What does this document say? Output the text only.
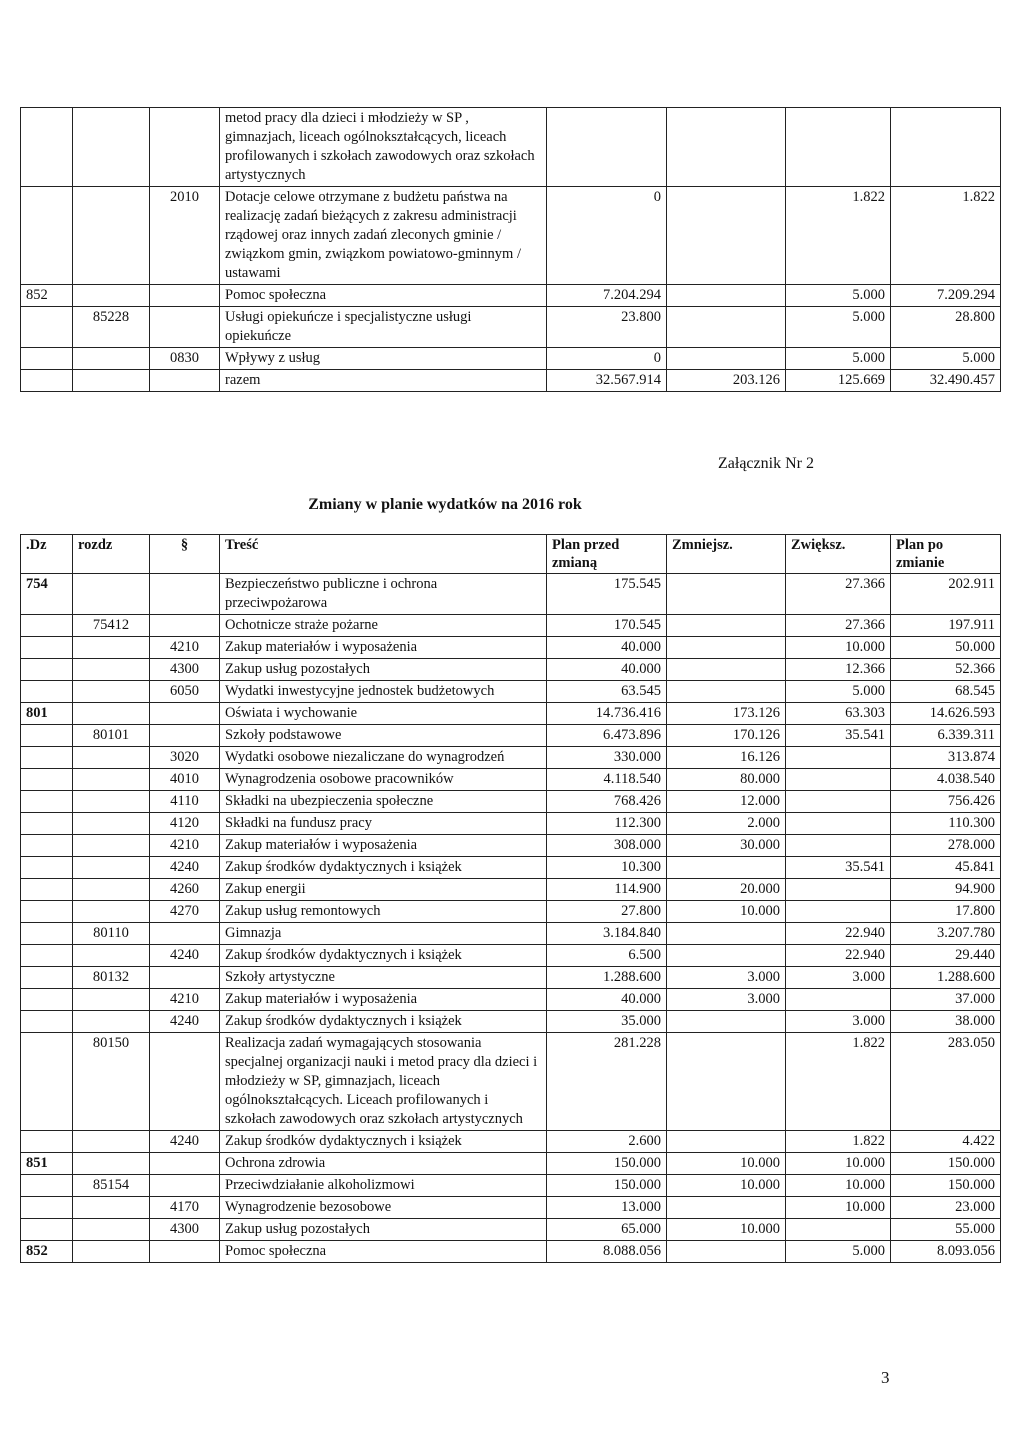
			metod pracy dla dzieci i młodzieży w SP , gimnazjach, liceach ogólnokształcących, liceach profilowanych i szkołach zawodowych oraz szkołach artystycznych				
		2010	Dotacje celowe otrzymane z budżetu państwa na realizację zadań bieżących z zakresu administracji rządowej oraz innych zadań zleconych gminie / związkom gmin, związkom powiatowo-gminnym / ustawami	0		1.822	1.822
852			Pomoc społeczna	7.204.294		5.000	7.209.294
	85228		Usługi opiekuńcze i specjalistyczne usługi opiekuńcze	23.800		5.000	28.800
		0830	Wpływy z usług	0		5.000	5.000
			razem	32.567.914	203.126	125.669	32.490.457
Załącznik Nr 2
Zmiany w planie wydatków na 2016 rok
.Dz	rozdz	§	Treść	Plan przed zmianą	Zmniejsz.	Zwiększ.	Plan po zmianie
754			Bezpieczeństwo publiczne i ochrona przeciwpożarowa	175.545		27.366	202.911
	75412		Ochotnicze straże pożarne	170.545		27.366	197.911
		4210	Zakup materiałów i wyposażenia	40.000		10.000	50.000
		4300	Zakup usług pozostałych	40.000		12.366	52.366
		6050	Wydatki inwestycyjne jednostek budżetowych	63.545		5.000	68.545
801			Oświata i wychowanie	14.736.416	173.126	63.303	14.626.593
	80101		Szkoły podstawowe	6.473.896	170.126	35.541	6.339.311
		3020	Wydatki osobowe niezaliczane do wynagrodzeń	330.000	16.126		313.874
		4010	Wynagrodzenia osobowe pracowników	4.118.540	80.000		4.038.540
		4110	Składki na ubezpieczenia społeczne	768.426	12.000		756.426
		4120	Składki na fundusz pracy	112.300	2.000		110.300
		4210	Zakup materiałów i wyposażenia	308.000	30.000		278.000
		4240	Zakup środków dydaktycznych i książek	10.300		35.541	45.841
		4260	Zakup energii	114.900	20.000		94.900
		4270	Zakup usług remontowych	27.800	10.000		17.800
	80110		Gimnazja	3.184.840		22.940	3.207.780
		4240	Zakup środków dydaktycznych i książek	6.500		22.940	29.440
	80132		Szkoły artystyczne	1.288.600	3.000	3.000	1.288.600
		4210	Zakup materiałów i wyposażenia	40.000	3.000		37.000
		4240	Zakup środków dydaktycznych i książek	35.000		3.000	38.000
	80150		Realizacja zadań wymagających stosowania specjalnej organizacji nauki i metod pracy dla dzieci i młodzieży w SP, gimnazjach, liceach ogólnokształcących. Liceach profilowanych i szkołach zawodowych oraz szkołach artystycznych	281.228		1.822	283.050
		4240	Zakup środków dydaktycznych i książek	2.600		1.822	4.422
851			Ochrona zdrowia	150.000	10.000	10.000	150.000
	85154		Przeciwdziałanie alkoholizmowi	150.000	10.000	10.000	150.000
		4170	Wynagrodzenie bezosobowe	13.000		10.000	23.000
		4300	Zakup usług pozostałych	65.000	10.000		55.000
852			Pomoc społeczna	8.088.056		5.000	8.093.056
3
